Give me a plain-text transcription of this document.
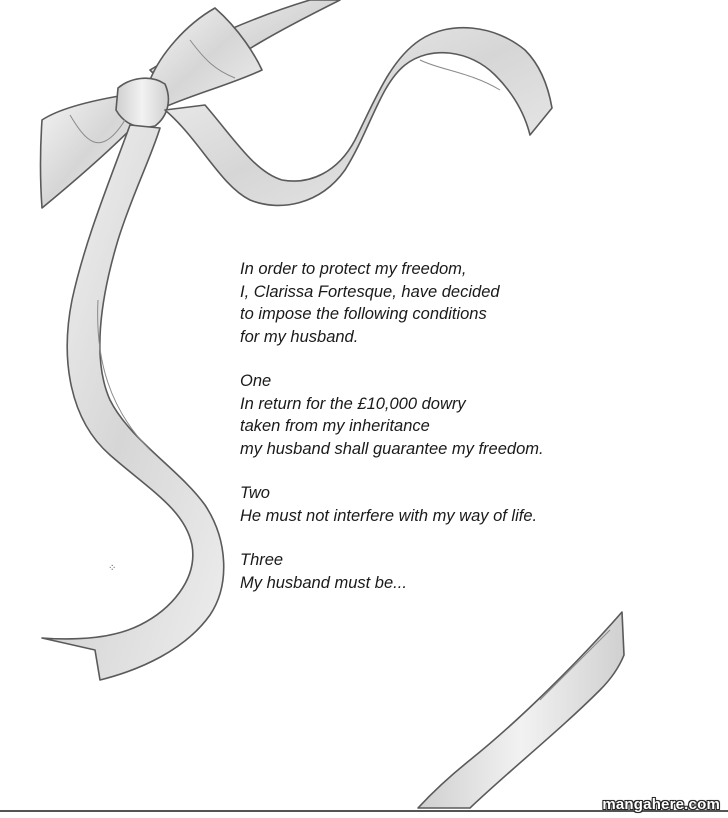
In order to protect my freedom,
I, Clarissa Fortesque, have decided
to impose the following conditions
for my husband.
One
In return for the £10,000 dowry
taken from my inheritance
my husband shall guarantee my freedom.
Two
He must not interfere with my way of life.
Three
My husband must be...
⁘
mangahere.com
